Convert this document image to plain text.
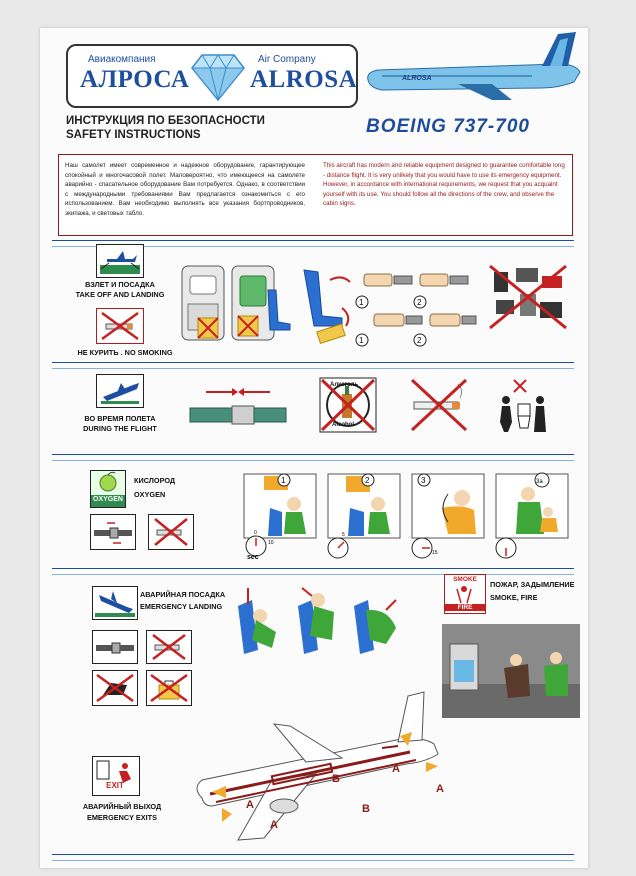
Авиакомпания
АЛРОСА
Air Company
ALROSA	ALROSA
ИНСТРУКЦИЯ ПО БЕЗОПАСНОСТИ
SAFETY INSTRUCTIONS	BOEING 737-700
Наш самолет имеет современное и надежное оборудование, гарантирующее спокойный и многочасовой полет. Маловероятно, что имеющееся на самолете аварийно - спасательное оборудование Вам потребуется. Однако, в соответствии с международными требованиями Вам предлагается ознакомиться с его использованием. Вам необходимо выполнять все указания бортпроводников, экипажа, и световых табло.
This aircraft has modern and reliable equipment designed to guarantee comfortable long - distance flight. It is very unlikely that you would have to use its emergency equipment. However, in accordance with international requirements, we request that you acquaint yourself with its use. You should follow all the directions of the crew, and observe the cabin signs.
ВЗЛЕТ И ПОСАДКА
TAKE OFF AND LANDING
НЕ КУРИТЬ . NO SMOKING
1	2
1	2
ВО ВРЕМЯ ПОЛЕТА
DURING THE FLIGHT
Алкоголь
Alcohol
OXYGEN
КИСЛОРОД
OXYGEN
1
sec
0
10
2
5
3
15
3a
АВАРИЙНАЯ ПОСАДКА
EMERGENCY LANDING
SMOKE
FIRE
ПОЖАР, ЗАДЫМЛЕНИЕ
SMOKE, FIRE
EXIT
АВАРИЙНЫЙ ВЫХОД
EMERGENCY EXITS
A
A
B
B
A
A
